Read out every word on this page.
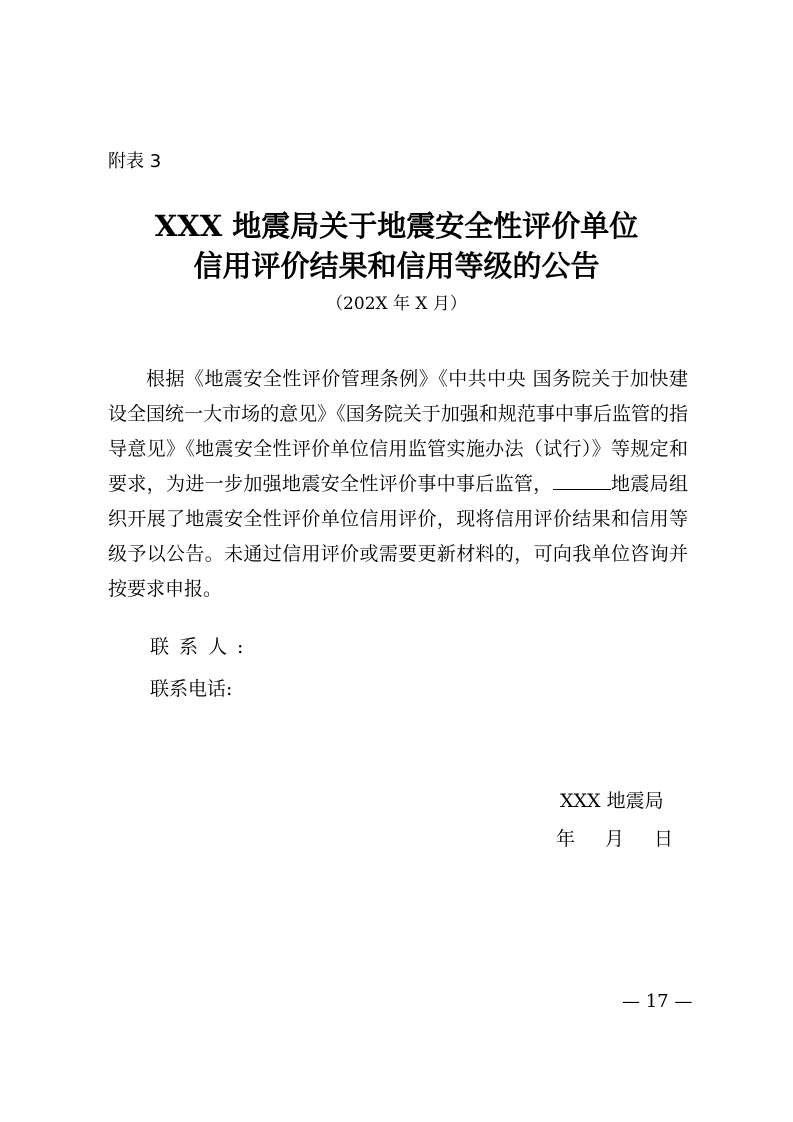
附表 3
XXX 地震局关于地震安全性评价单位
信用评价结果和信用等级的公告
（202X 年 X 月）
根据《地震安全性评价管理条例》《中共中央 国务院关于加快建设全国统一大市场的意见》《国务院关于加强和规范事中事后监管的指导意见》《地震安全性评价单位信用监管实施办法（试行）》等规定和要求，为进一步加强地震安全性评价事中事后监管，	地震局组织开展了地震安全性评价单位信用评价，现将信用评价结果和信用等级予以公告。未通过信用评价或需要更新材料的，可向我单位咨询并按要求申报。
联系人:
联系电话:
XXX 地震局
年 月 日
— 17 —
